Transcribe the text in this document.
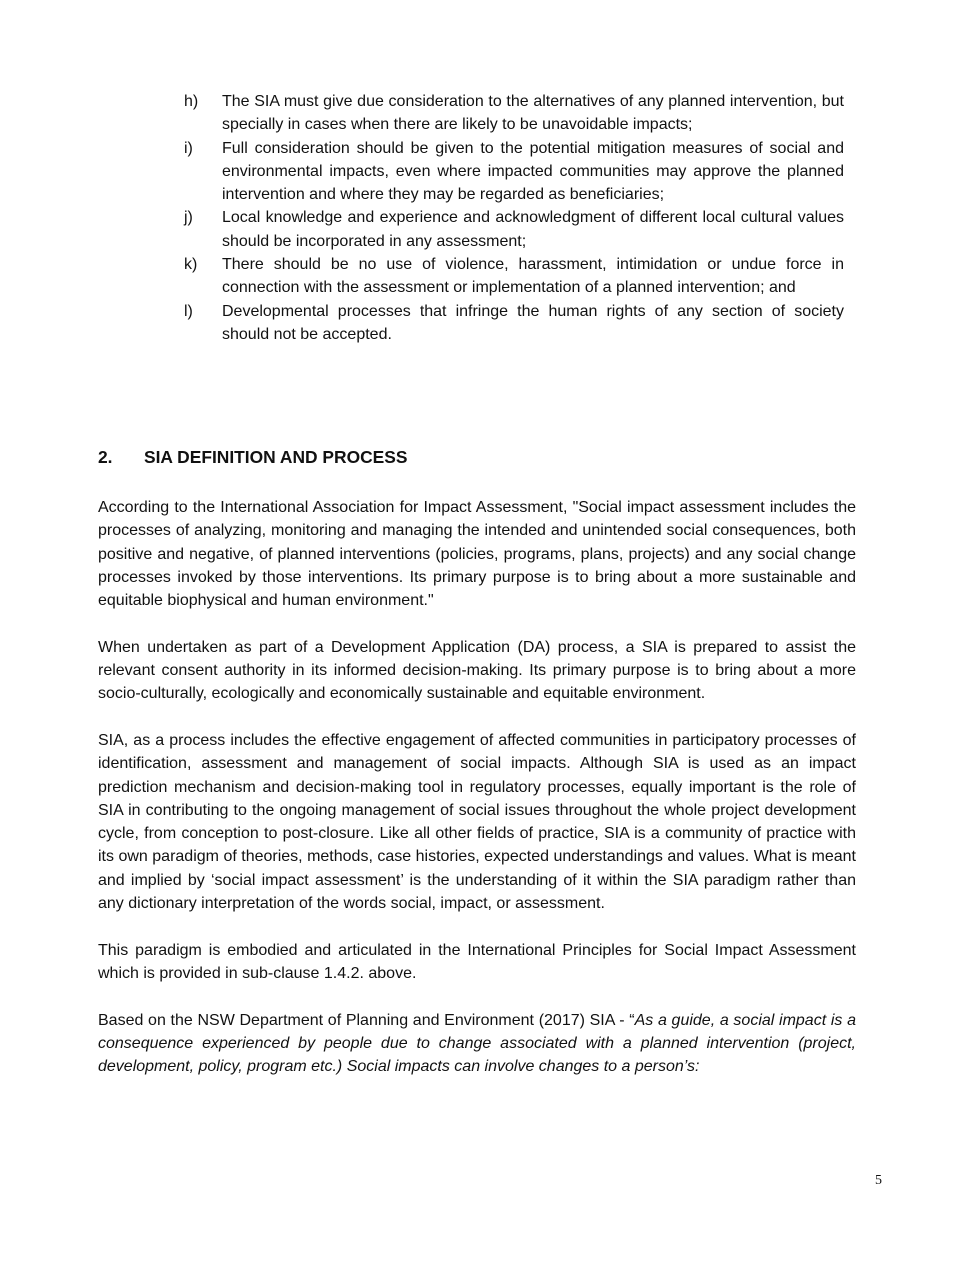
h)	The SIA must give due consideration to the alternatives of any planned intervention, but specially in cases when there are likely to be unavoidable impacts;
i)	Full consideration should be given to the potential mitigation measures of social and environmental impacts, even where impacted communities may approve the planned intervention and where they may be regarded as beneficiaries;
j)	Local knowledge and experience and acknowledgment of different local cultural values should be incorporated in any assessment;
k)	There should be no use of violence, harassment, intimidation or undue force in connection with the assessment or implementation of a planned intervention; and
l)	Developmental processes that infringe the human rights of any section of society should not be accepted.
2.	SIA DEFINITION AND PROCESS

According to the International Association for Impact Assessment, "Social impact assessment includes the processes of analyzing, monitoring and managing the intended and unintended social consequences, both positive and negative, of planned interventions (policies, programs, plans, projects) and any social change processes invoked by those interventions. Its primary purpose is to bring about a more sustainable and equitable biophysical and human environment."

When undertaken as part of a Development Application (DA) process, a SIA is prepared to assist the relevant consent authority in its informed decision-making. Its primary purpose is to bring about a more socio-culturally, ecologically and economically sustainable and equitable environment.

SIA, as a process includes the effective engagement of affected communities in participatory processes of identification, assessment and management of social impacts. Although SIA is used as an impact prediction mechanism and decision-making tool in regulatory processes, equally important is the role of SIA in contributing to the ongoing management of social issues throughout the whole project development cycle, from conception to post-closure. Like all other fields of practice, SIA is a community of practice with its own paradigm of theories, methods, case histories, expected understandings and values. What is meant and implied by ‘social impact assessment’ is the understanding of it within the SIA paradigm rather than any dictionary interpretation of the words social, impact, or assessment.

This paradigm is embodied and articulated in the International Principles for Social Impact Assessment which is provided in sub-clause 1.4.2. above.

Based on the NSW Department of Planning and Environment (2017) SIA - “As a guide, a social impact is a consequence experienced by people due to change associated with a planned intervention (project, development, policy, program etc.) Social impacts can involve changes to a person’s:

5
